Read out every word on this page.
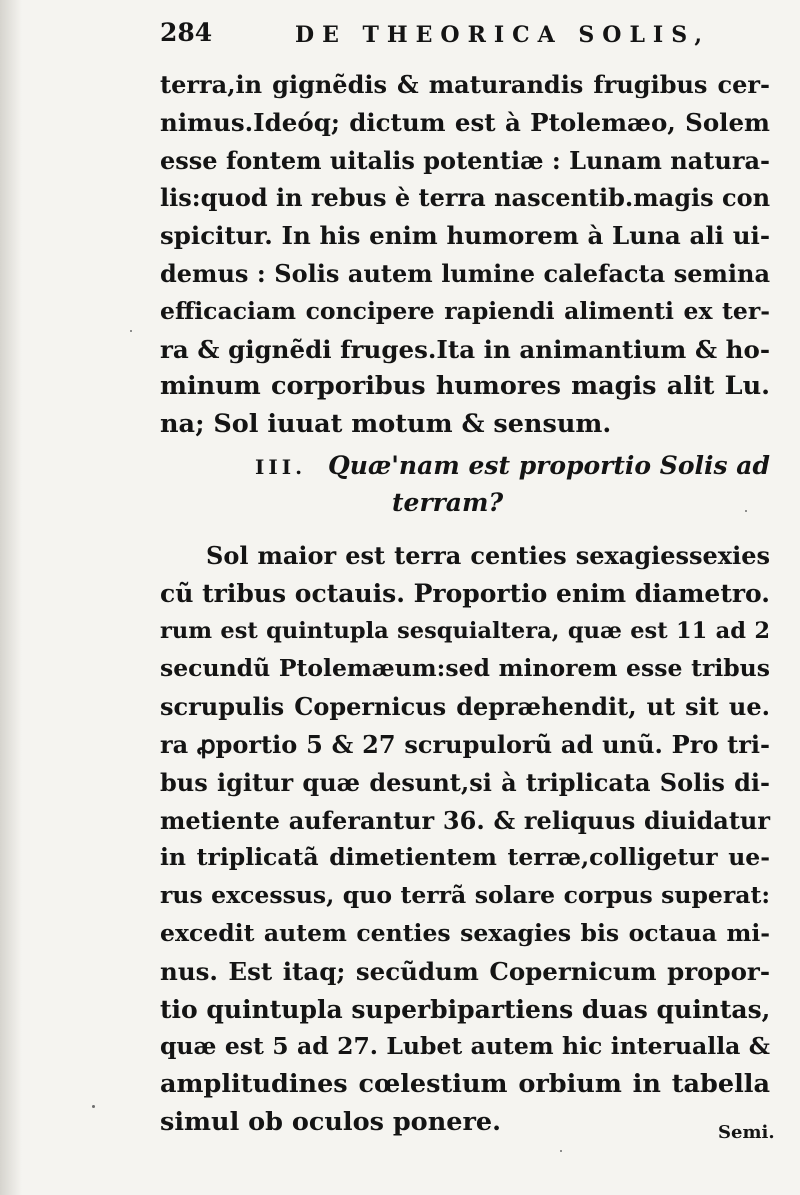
284	DE THEORICA SOLIS,
terra,in gignẽdis & maturandis frugibus cer-
nimus.Ideóq; dictum est à Ptolemæo, Solem
esse fontem uitalis potentiæ : Lunam natura-
lis:quod in rebus è terra nascentib.magis con
spicitur. In his enim humorem à Luna ali ui-
demus : Solis autem lumine calefacta semina
efficaciam concipere rapiendi alimenti ex ter-
ra & gignẽdi fruges.Ita in animantium & ho-
minum corporibus humores magis alit Lu.
na; Sol iuuat motum & sensum.
III. Quæ'nam est proportio Solis ad
terram?
Sol maior est terra centies sexagiessexies
cũ tribus octauis. Proportio enim diametro.
rum est quintupla sesquialtera, quæ est 11 ad 2
secundũ Ptolemæum:sed minorem esse tribus
scrupulis Copernicus depræhendit, ut sit ue.
ra ꝓportio 5 & 27 scrupulorũ ad unũ. Pro tri-
bus igitur quæ desunt,si à triplicata Solis di-
metiente auferantur 36. & reliquus diuidatur
in triplicatã dimetientem terræ,colligetur ue-
rus excessus, quo terrã solare corpus superat:
excedit autem centies sexagies bis octaua mi-
nus. Est itaq; secũdum Copernicum propor-
tio quintupla superbipartiens duas quintas,
quæ est 5 ad 27. Lubet autem hic interualla &
amplitudines cœlestium orbium in tabella
simul ob oculos ponere.	Semi.
